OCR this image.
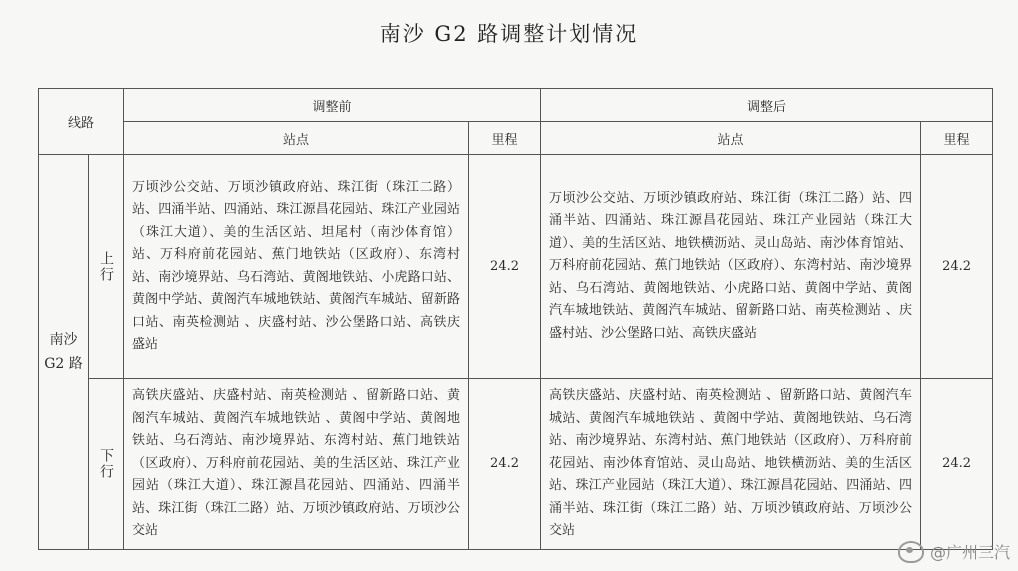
南沙 G2 路调整计划情况
线路		调整前		调整后	
		站点	里程	站点	里程

南沙
G2 路	上行	万顷沙公交站、万顷沙镇政府站、珠江街（珠江二路）站、四涌半站、四涌站、珠江源昌花园站、珠江产业园站（珠江大道）、美的生活区站、坦尾村（南沙体育馆）站、万科府前花园站、蕉门地铁站（区政府）、东湾村站、南沙境界站、乌石湾站、黄阁地铁站、小虎路口站、黄阁中学站、黄阁汽车城地铁站、黄阁汽车城站、留新路口站、南英检测站 、庆盛村站、沙公堡路口站、高铁庆盛站	24.2	万顷沙公交站、万顷沙镇政府站、珠江街（珠江二路）站、四涌半站、四涌站、珠江源昌花园站、珠江产业园站（珠江大道）、美的生活区站、地铁横沥站、灵山岛站、南沙体育馆站、万科府前花园站、蕉门地铁站（区政府）、东湾村站、南沙境界站、乌石湾站、黄阁地铁站、小虎路口站、黄阁中学站、黄阁汽车城地铁站、黄阁汽车城站、留新路口站、南英检测站 、庆盛村站、沙公堡路口站、高铁庆盛站	24.2

	下行	高铁庆盛站、庆盛村站、南英检测站 、留新路口站、黄阁汽车城站、黄阁汽车城地铁站 、黄阁中学站、黄阁地铁站、乌石湾站、南沙境界站、东湾村站、蕉门地铁站（区政府）、万科府前花园站、美的生活区站、珠江产业园站（珠江大道）、珠江源昌花园站、四涌站、四涌半站、珠江街（珠江二路）站、万顷沙镇政府站、万顷沙公交站	24.2	高铁庆盛站、庆盛村站、南英检测站 、留新路口站、黄阁汽车城站、黄阁汽车城地铁站 、黄阁中学站、黄阁地铁站、乌石湾站、南沙境界站、东湾村站、蕉门地铁站（区政府）、万科府前花园站、南沙体育馆站、灵山岛站、地铁横沥站、美的生活区站、珠江产业园站（珠江大道）、珠江源昌花园站、四涌站、四涌半站、珠江街（珠江二路）站、万顷沙镇政府站、万顷沙公交站	24.2
@广州三汽
